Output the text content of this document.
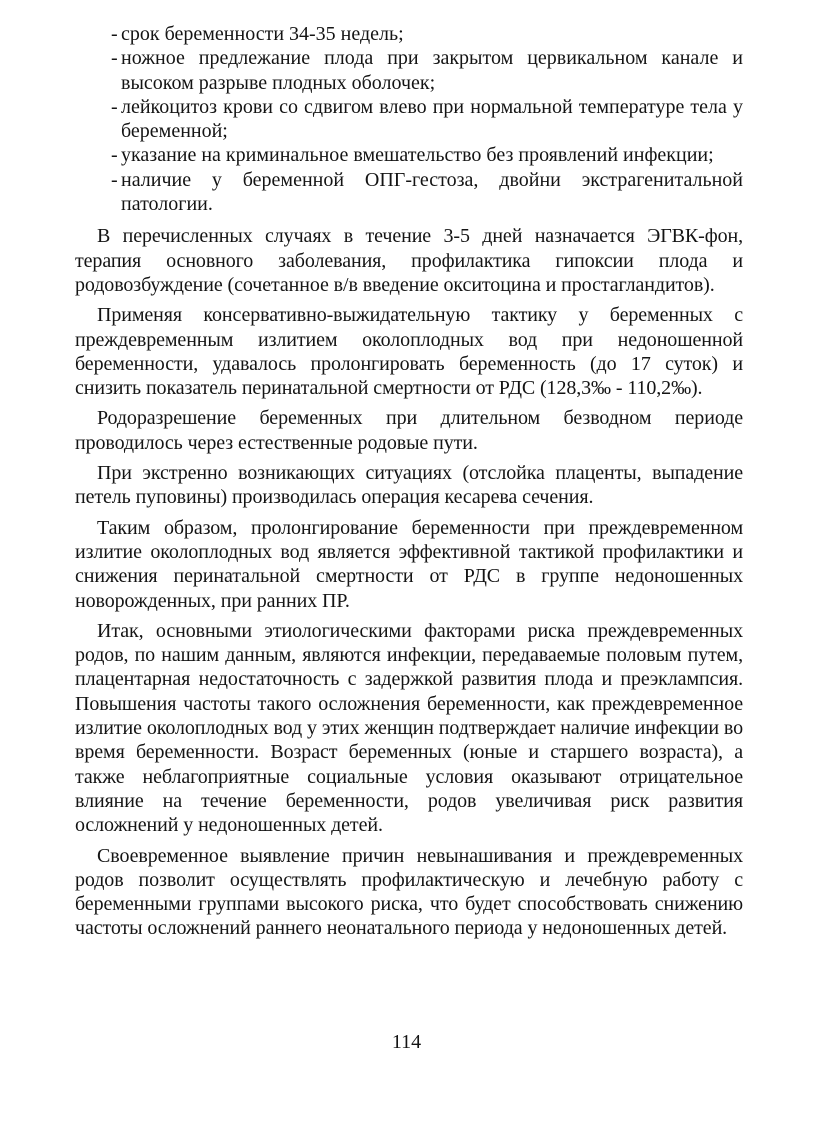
- срок беременности 34-35 недель;
- ножное предлежание плода при закрытом цервикальном канале и высоком разрыве плодных оболочек;
- лейкоцитоз крови со сдвигом влево при нормальной температуре тела у беременной;
- указание на криминальное вмешательство без проявлений инфекции;
- наличие у беременной ОПГ-гестоза, двойни экстрагенитальной патологии.

В перечисленных случаях в течение 3-5 дней назначается ЭГВК-фон, терапия основного заболевания, профилактика гипоксии плода и родовозбуждение (сочетанное в/в введение окситоцина и простагландитов).

Применяя консервативно-выжидательную тактику у беременных с преждевременным излитием околоплодных вод при недоношенной беременности, удавалось пролонгировать беременность (до 17 суток) и снизить показатель перинатальной смертности от РДС (128,3‰ - 110,2‰).

Родоразрешение беременных при длительном безводном периоде проводилось через естественные родовые пути.

При экстренно возникающих ситуациях (отслойка плаценты, выпадение петель пуповины) производилась операция кесарева сечения.

Таким образом, пролонгирование беременности при преждевременном излитие околоплодных вод является эффективной тактикой профилактики и снижения перинатальной смертности от РДС в группе недоношенных новорожденных, при ранних ПР.

Итак, основными этиологическими факторами риска преждевременных родов, по нашим данным, являются инфекции, передаваемые половым путем, плацентарная недостаточность с задержкой развития плода и преэклампсия. Повышения частоты такого осложнения беременности, как преждевременное излитие околоплодных вод у этих женщин подтверждает наличие инфекции во время беременности. Возраст беременных (юные и старшего возраста), а также неблагоприятные социальные условия оказывают отрицательное влияние на течение беременности, родов увеличивая риск развития осложнений у недоношенных детей.

Своевременное выявление причин невынашивания и преждевременных родов позволит осуществлять профилактическую и лечебную работу с беременными группами высокого риска, что будет способствовать снижению частоты осложнений раннего неонатального периода у недоношенных детей.

114
